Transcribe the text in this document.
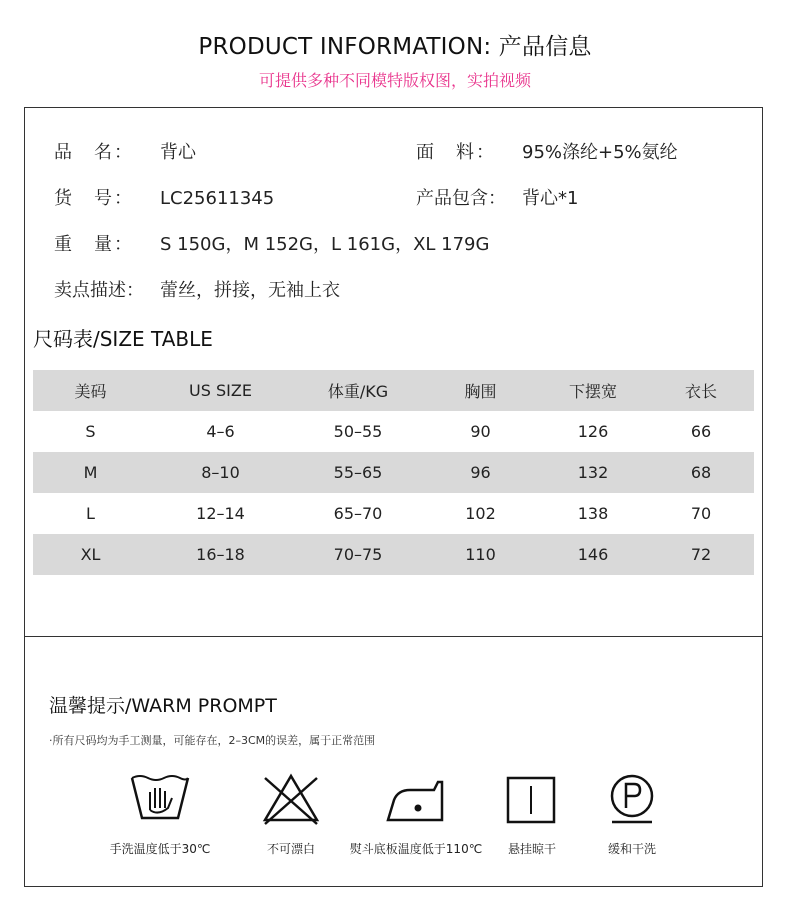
PRODUCT INFORMATION: 产品信息
可提供多种不同模特版权图，实拍视频
品　名： 背心	面　料： 95%涤纶+5%氨纶
货　号： LC25611345	产品包含： 背心*1
重　量： S 150G，M 152G，L 161G，XL 179G
卖点描述： 蕾丝，拼接，无袖上衣
尺码表/SIZE TABLE
美码	US SIZE	体重/KG	胸围	下摆宽	衣长
S	4–6	50–55	90	126	66
M	8–10	55–65	96	132	68
L	12–14	65–70	102	138	70
XL	16–18	70–75	110	146	72
温馨提示/WARM PROMPT
·所有尺码均为手工测量，可能存在，2–3CM的误差，属于正常范围
手洗温度低于30℃	不可漂白	熨斗底板温度低于110℃	悬挂晾干	缓和干洗
